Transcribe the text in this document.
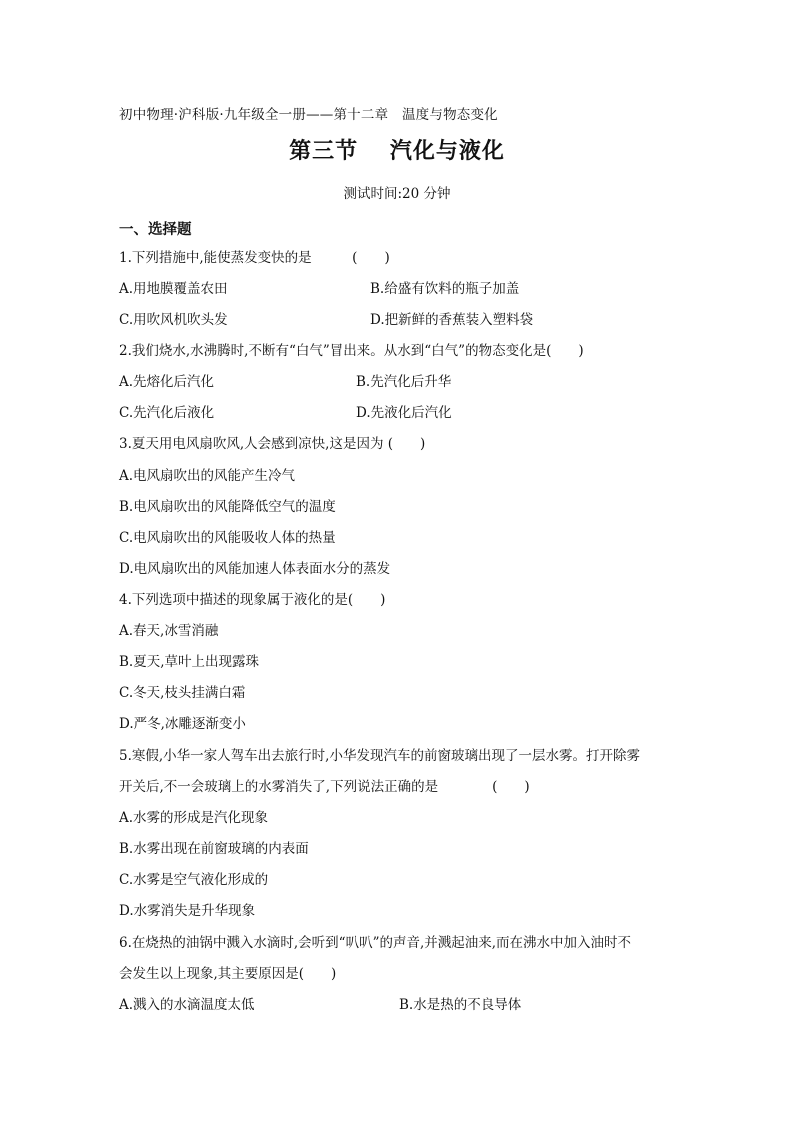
初中物理·沪科版·九年级全一册——第十二章　温度与物态变化
第三节　 汽化与液化
测试时间:20 分钟
一、选择题
1.下列措施中,能使蒸发变快的是　　　(　　)
A.用地膜覆盖农田	B.给盛有饮料的瓶子加盖
C.用吹风机吹头发	D.把新鲜的香蕉装入塑料袋
2.我们烧水,水沸腾时,不断有“白气”冒出来。从水到“白气”的物态变化是(　　)
A.先熔化后汽化	B.先汽化后升华
C.先汽化后液化	D.先液化后汽化
3.夏天用电风扇吹风,人会感到凉快,这是因为 (　　)
A.电风扇吹出的风能产生冷气
B.电风扇吹出的风能降低空气的温度
C.电风扇吹出的风能吸收人体的热量
D.电风扇吹出的风能加速人体表面水分的蒸发
4.下列选项中描述的现象属于液化的是(　　)
A.春天,冰雪消融
B.夏天,草叶上出现露珠
C.冬天,枝头挂满白霜
D.严冬,冰雕逐渐变小
5.寒假,小华一家人驾车出去旅行时,小华发现汽车的前窗玻璃出现了一层水雾。打开除雾
开关后,不一会玻璃上的水雾消失了,下列说法正确的是　　　　(　　)
A.水雾的形成是汽化现象
B.水雾出现在前窗玻璃的内表面
C.水雾是空气液化形成的
D.水雾消失是升华现象
6.在烧热的油锅中溅入水滴时,会听到“叭叭”的声音,并溅起油来,而在沸水中加入油时不
会发生以上现象,其主要原因是(　　)
A.溅入的水滴温度太低	B.水是热的不良导体
